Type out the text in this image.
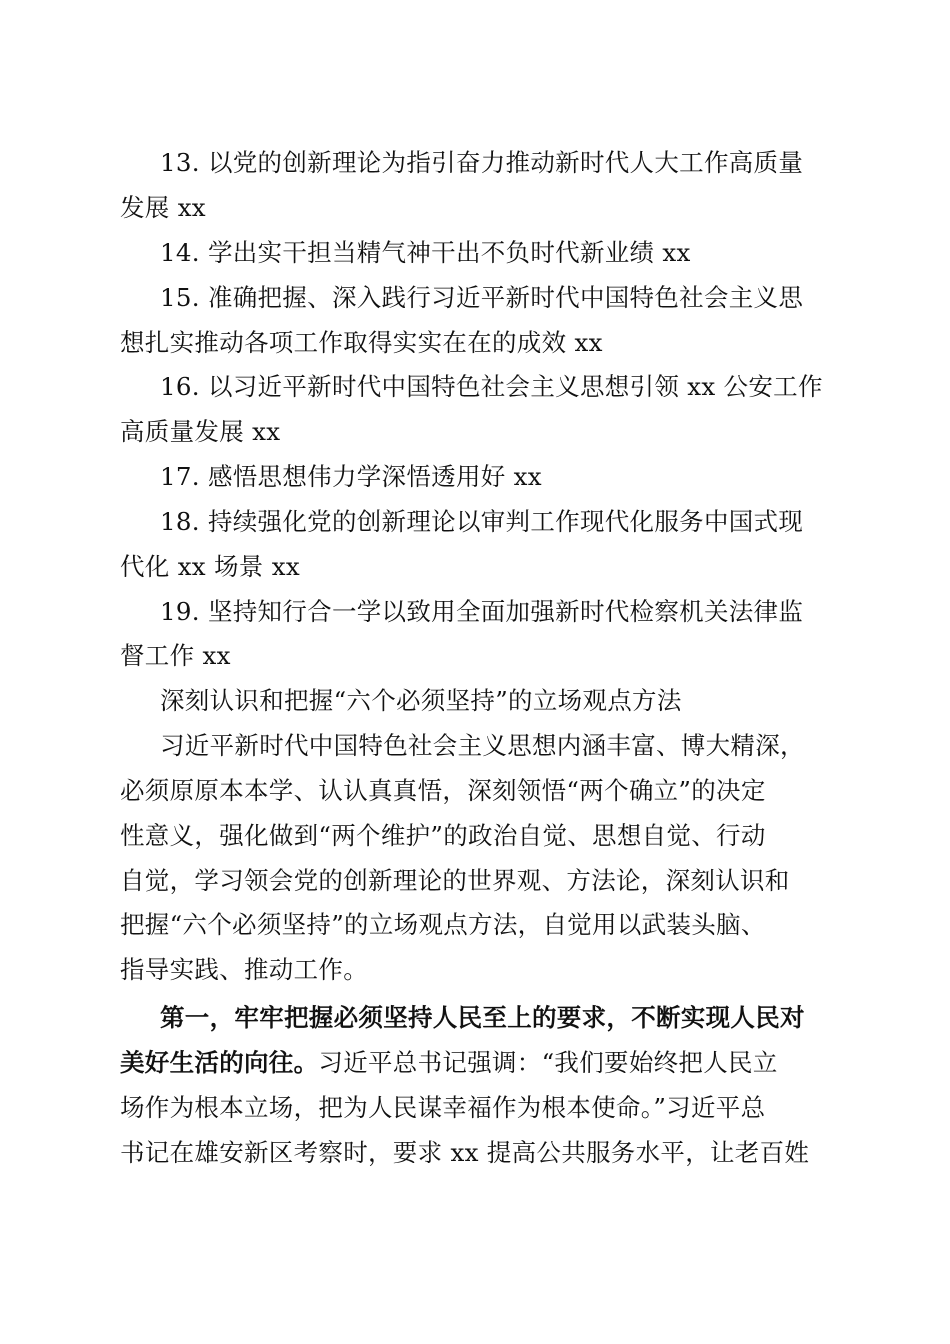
13. 以党的创新理论为指引奋力推动新时代人大工作高质量
发展 xx
14. 学出实干担当精气神干出不负时代新业绩 xx
15. 准确把握、深入践行习近平新时代中国特色社会主义思
想扎实推动各项工作取得实实在在的成效 xx
16. 以习近平新时代中国特色社会主义思想引领 xx 公安工作
高质量发展 xx
17. 感悟思想伟力学深悟透用好 xx
18. 持续强化党的创新理论以审判工作现代化服务中国式现
代化 xx 场景 xx
19. 坚持知行合一学以致用全面加强新时代检察机关法律监
督工作 xx
深刻认识和把握“六个必须坚持”的立场观点方法
习近平新时代中国特色社会主义思想内涵丰富、博大精深，
必须原原本本学、认认真真悟，深刻领悟“两个确立”的决定
性意义，强化做到“两个维护”的政治自觉、思想自觉、行动
自觉，学习领会党的创新理论的世界观、方法论，深刻认识和
把握“六个必须坚持”的立场观点方法，自觉用以武装头脑、
指导实践、推动工作。
第一，牢牢把握必须坚持人民至上的要求，不断实现人民对
美好生活的向往。习近平总书记强调：“我们要始终把人民立
场作为根本立场，把为人民谋幸福作为根本使命。”习近平总
书记在雄安新区考察时，要求 xx 提高公共服务水平，让老百姓
